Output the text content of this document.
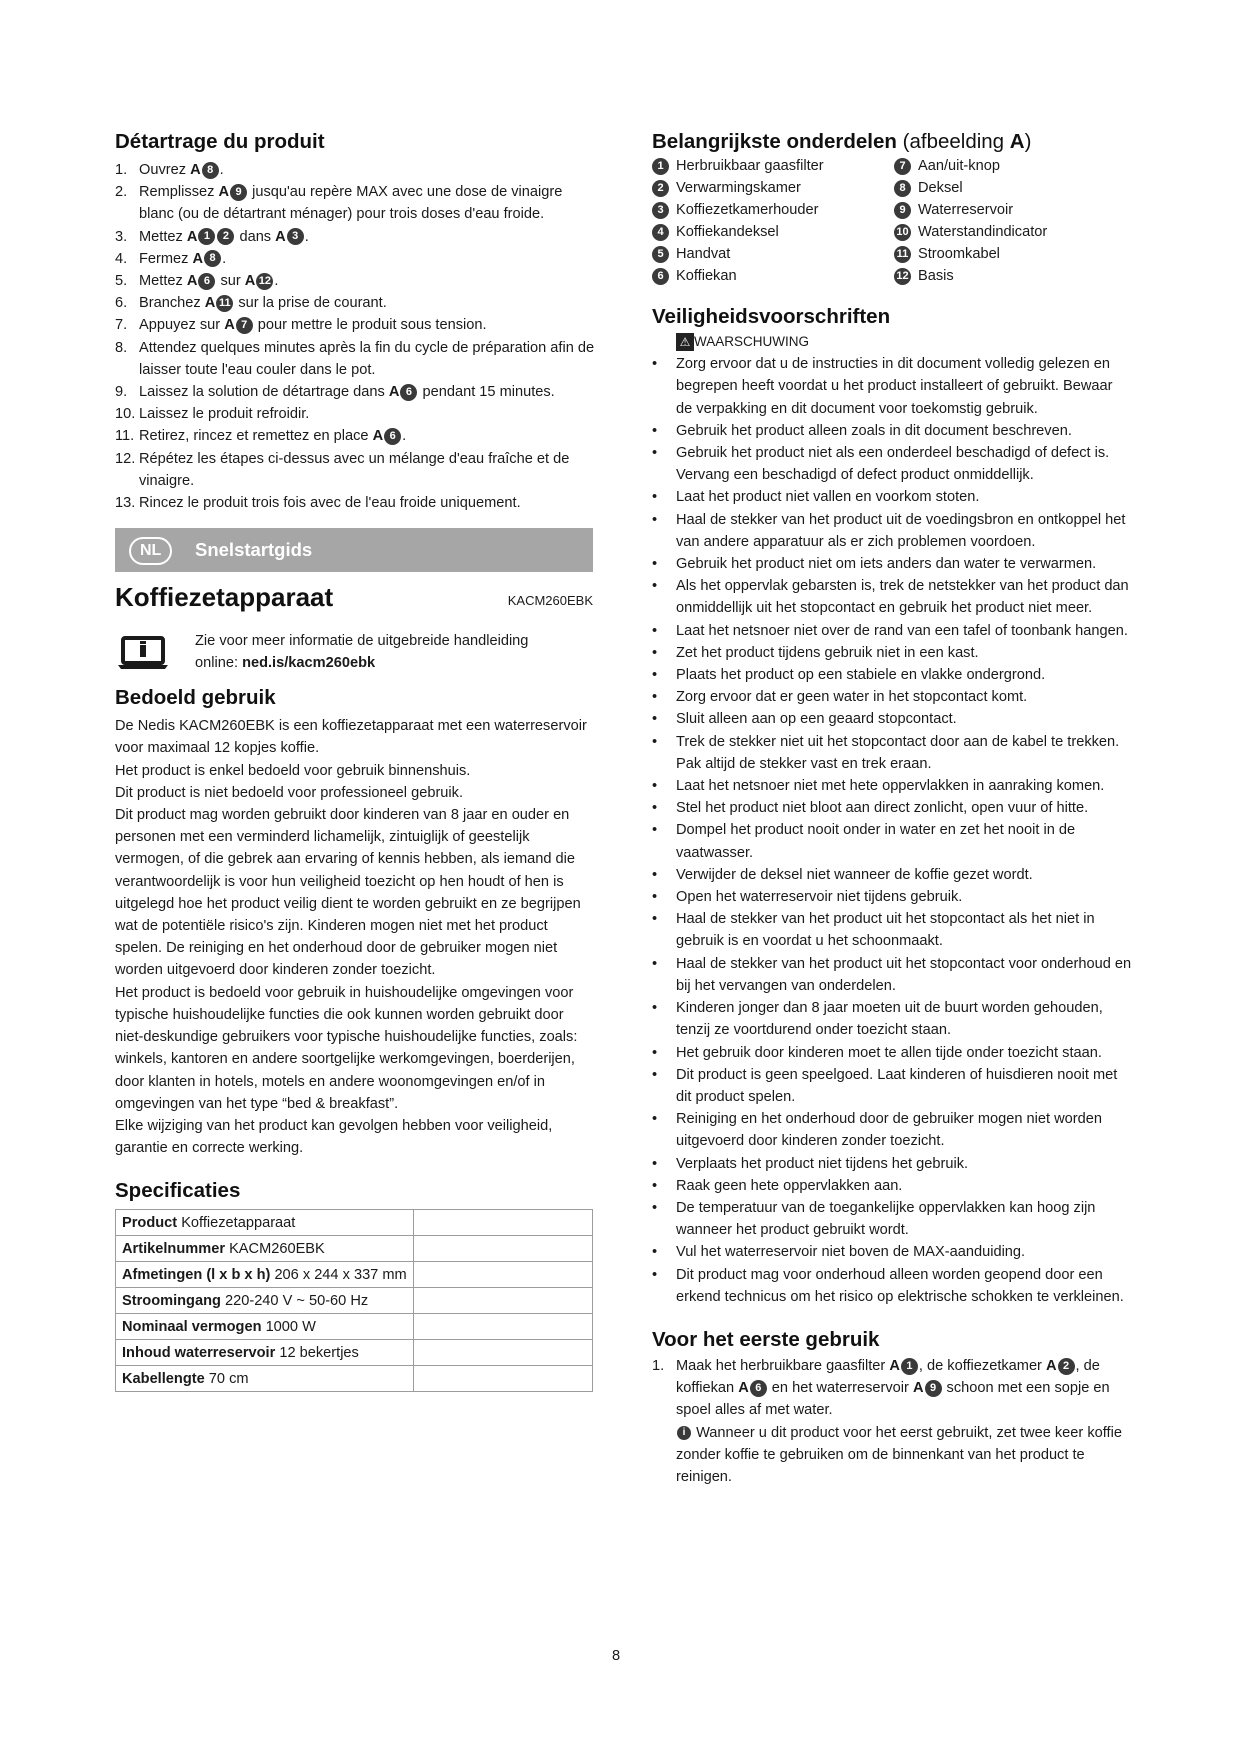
Détartrage du produit
1. Ouvrez A 8 .
2. Remplissez A 9 jusqu'au repère MAX avec une dose de vinaigre blanc (ou de détartrant ménager) pour trois doses d'eau froide.
3. Mettez A 1 2 dans A 3 .
4. Fermez A 8 .
5. Mettez A 6 sur A 12 .
6. Branchez A 11 sur la prise de courant.
7. Appuyez sur A 7 pour mettre le produit sous tension.
8. Attendez quelques minutes après la fin du cycle de préparation afin de laisser toute l'eau couler dans le pot.
9. Laissez la solution de détartrage dans A 6 pendant 15 minutes.
10. Laissez le produit refroidir.
11. Retirez, rincez et remettez en place A 6 .
12. Répétez les étapes ci-dessus avec un mélange d'eau fraîche et de vinaigre.
13. Rincez le produit trois fois avec de l'eau froide uniquement.
NL	Snelstartgids
Koffiezetapparaat	KACM260EBK
Zie voor meer informatie de uitgebreide handleiding
online: ned.is/kacm260ebk
Bedoeld gebruik
De Nedis KACM260EBK is een koffiezetapparaat met een waterreservoir voor maximaal 12 kopjes koffie.
Het product is enkel bedoeld voor gebruik binnenshuis.
Dit product is niet bedoeld voor professioneel gebruik.
Dit product mag worden gebruikt door kinderen van 8 jaar en ouder en personen met een verminderd lichamelijk, zintuiglijk of geestelijk vermogen, of die gebrek aan ervaring of kennis hebben, als iemand die verantwoordelijk is voor hun veiligheid toezicht op hen houdt of hen is uitgelegd hoe het product veilig dient te worden gebruikt en ze begrijpen wat de potentiële risico's zijn. Kinderen mogen niet met het product spelen. De reiniging en het onderhoud door de gebruiker mogen niet worden uitgevoerd door kinderen zonder toezicht.
Het product is bedoeld voor gebruik in huishoudelijke omgevingen voor typische huishoudelijke functies die ook kunnen worden gebruikt door niet-deskundige gebruikers voor typische huishoudelijke functies, zoals: winkels, kantoren en andere soortgelijke werkomgevingen, boerderijen, door klanten in hotels, motels en andere woonomgevingen en/of in omgevingen van het type “bed & breakfast”.
Elke wijziging van het product kan gevolgen hebben voor veiligheid, garantie en correcte werking.
Specificaties
Product Koffiezetapparaat	
Artikelnummer KACM260EBK	
Afmetingen (l x b x h) 206 x 244 x 337 mm	
Stroomingang 220-240 V ~ 50-60 Hz	
Nominaal vermogen 1000 W	
Inhoud waterreservoir 12 bekertjes	
Kabellengte 70 cm	
Belangrijkste onderdelen (afbeelding A)
1 Herbruikbaar gaasfilter
2 Verwarmingskamer
3 Koffiezetkamerhouder
4 Koffiekandeksel
5 Handvat
6 Koffiekan
7 Aan/uit-knop
8 Deksel
9 Waterreservoir
10 Waterstandindicator
11 Stroomkabel
12 Basis
Veiligheidsvoorschriften
⚠ WAARSCHUWING
• Zorg ervoor dat u de instructies in dit document volledig gelezen en begrepen heeft voordat u het product installeert of gebruikt. Bewaar de verpakking en dit document voor toekomstig gebruik.
• Gebruik het product alleen zoals in dit document beschreven.
• Gebruik het product niet als een onderdeel beschadigd of defect is. Vervang een beschadigd of defect product onmiddellijk.
• Laat het product niet vallen en voorkom stoten.
• Haal de stekker van het product uit de voedingsbron en ontkoppel het van andere apparatuur als er zich problemen voordoen.
• Gebruik het product niet om iets anders dan water te verwarmen.
• Als het oppervlak gebarsten is, trek de netstekker van het product dan onmiddellijk uit het stopcontact en gebruik het product niet meer.
• Laat het netsnoer niet over de rand van een tafel of toonbank hangen.
• Zet het product tijdens gebruik niet in een kast.
• Plaats het product op een stabiele en vlakke ondergrond.
• Zorg ervoor dat er geen water in het stopcontact komt.
• Sluit alleen aan op een geaard stopcontact.
• Trek de stekker niet uit het stopcontact door aan de kabel te trekken. Pak altijd de stekker vast en trek eraan.
• Laat het netsnoer niet met hete oppervlakken in aanraking komen.
• Stel het product niet bloot aan direct zonlicht, open vuur of hitte.
• Dompel het product nooit onder in water en zet het nooit in de vaatwasser.
• Verwijder de deksel niet wanneer de koffie gezet wordt.
• Open het waterreservoir niet tijdens gebruik.
• Haal de stekker van het product uit het stopcontact als het niet in gebruik is en voordat u het schoonmaakt.
• Haal de stekker van het product uit het stopcontact voor onderhoud en bij het vervangen van onderdelen.
• Kinderen jonger dan 8 jaar moeten uit de buurt worden gehouden, tenzij ze voortdurend onder toezicht staan.
• Het gebruik door kinderen moet te allen tijde onder toezicht staan.
• Dit product is geen speelgoed. Laat kinderen of huisdieren nooit met dit product spelen.
• Reiniging en het onderhoud door de gebruiker mogen niet worden uitgevoerd door kinderen zonder toezicht.
• Verplaats het product niet tijdens het gebruik.
• Raak geen hete oppervlakken aan.
• De temperatuur van de toegankelijke oppervlakken kan hoog zijn wanneer het product gebruikt wordt.
• Vul het waterreservoir niet boven de MAX-aanduiding.
• Dit product mag voor onderhoud alleen worden geopend door een erkend technicus om het risico op elektrische schokken te verkleinen.
Voor het eerste gebruik
1. Maak het herbruikbare gaasfilter A 1 , de koffiezetkamer A 2 , de koffiekan A 6 en het waterreservoir A 9 schoon met een sopje en spoel alles af met water.
i Wanneer u dit product voor het eerst gebruikt, zet twee keer koffie zonder koffie te gebruiken om de binnenkant van het product te reinigen.
8
